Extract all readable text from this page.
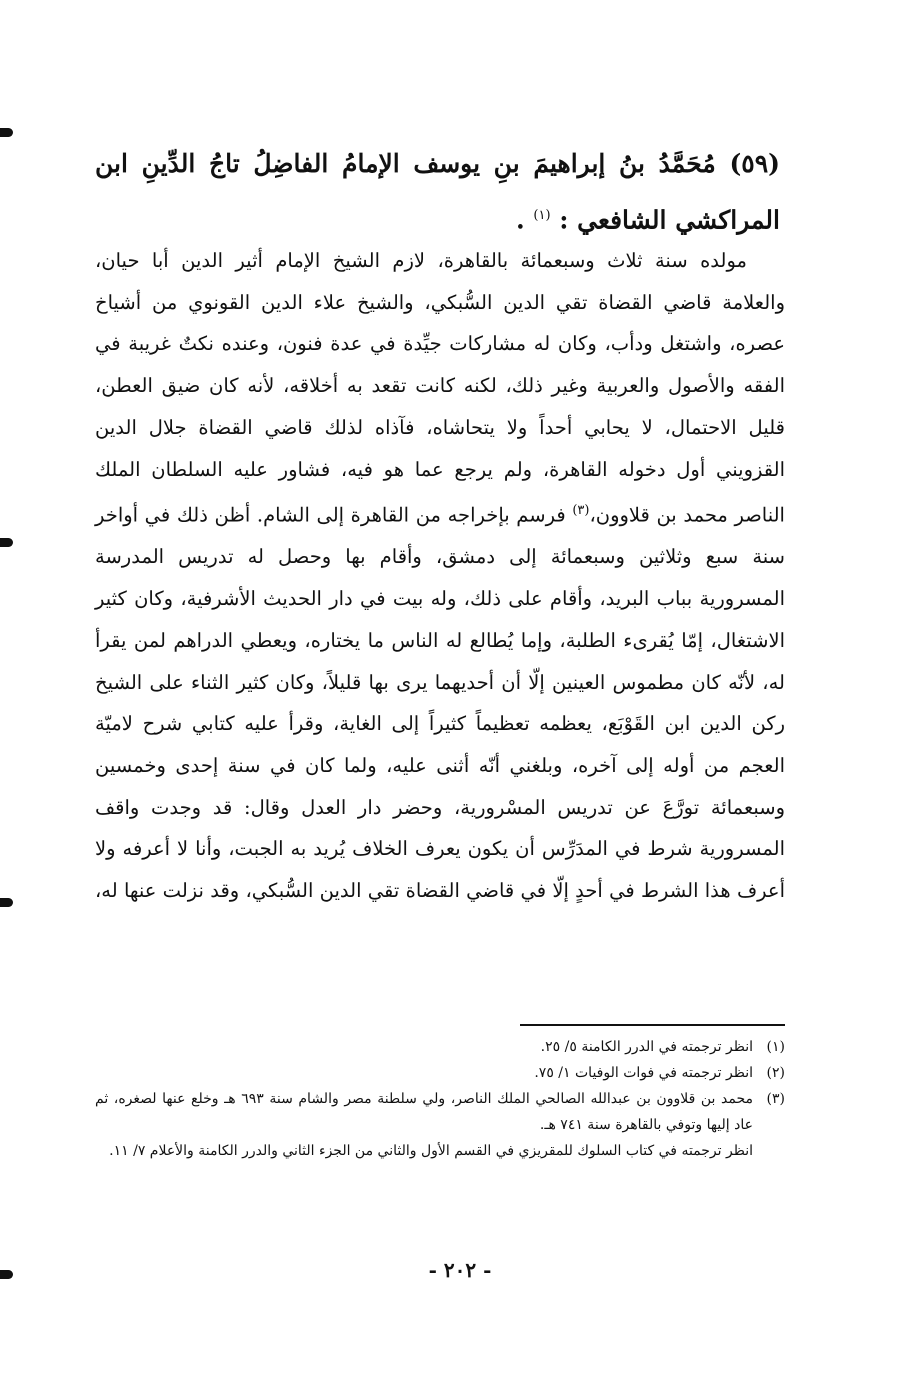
(٥٩) مُحَمَّدُ بنُ إبراهيمَ بنِ يوسف الإمامُ الفاضِلُ تاجُ الدِّينِ ابن المراكشي الشافعي : $^{(١)}$ .

مولده سنة ثلاث وسبعمائة بالقاهرة، لازم الشيخ الإمام أثير الدين أبا حيان، والعلامة قاضي القضاة تقي الدين السُّبكي، والشيخ علاء الدين القونوي من أشياخ عصره، واشتغل ودأب، وكان له مشاركات جيِّدة في عدة فنون، وعنده نكتٌ غريبة في الفقه والأصول والعربية وغير ذلك، لكنه كانت تقعد به أخلاقه، لأنه كان ضيق العطن، قليل الاحتمال، لا يحابي أحداً ولا يتحاشاه، فآذاه لذلك قاضي القضاة جلال الدين القزويني أول دخوله القاهرة، ولم يرجع عما هو فيه، فشاور عليه السلطان الملك الناصر محمد بن قلاوون،$^{(٣)}$ فرسم بإخراجه من القاهرة إلى الشام. أظن ذلك في أواخر سنة سبع وثلاثين وسبعمائة إلى دمشق، وأقام بها وحصل له تدريس المدرسة المسرورية بباب البريد، وأقام على ذلك، وله بيت في دار الحديث الأشرفية، وكان كثير الاشتغال، إمّا يُقرىء الطلبة، وإما يُطالع له الناس ما يختاره، ويعطي الدراهم لمن يقرأ له، لأنّه كان مطموس العينين إلّا أن أحديهما يرى بها قليلاً، وكان كثير الثناء على الشيخ ركن الدين ابن القَوْبَع، يعظمه تعظيماً كثيراً إلى الغاية، وقرأ عليه كتابي شرح لاميّة العجم من أوله إلى آخره، وبلغني أنّه أثنى عليه، ولما كان في سنة إحدى وخمسين وسبعمائة تورَّعَ عن تدريس المسْرورية، وحضر دار العدل وقال: قد وجدت واقف المسرورية شرط في المدَرِّس أن يكون يعرف الخلاف يُريد به الجبت، وأنا لا أعرفه ولا أعرف هذا الشرط في أحدٍ إلّا في قاضي القضاة تقي الدين السُّبكي، وقد نزلت عنها له،

(١)
انظر ترجمته في الدرر الكامنة ٥/ ٢٥.
(٢)
انظر ترجمته في فوات الوفيات ١/ ٧٥.
(٣)
محمد بن قلاوون بن عبدالله الصالحي الملك الناصر، ولي سلطنة مصر والشام سنة ٦٩٣ هـ وخلع عنها لصغره، ثم عاد إليها وتوفي بالقاهرة سنة ٧٤١ هـ.
انظر ترجمته في كتاب السلوك للمقريزي في القسم الأول والثاني من الجزء الثاني والدرر الكامنة والأعلام ٧/ ١١.
- ٢٠٢ -
